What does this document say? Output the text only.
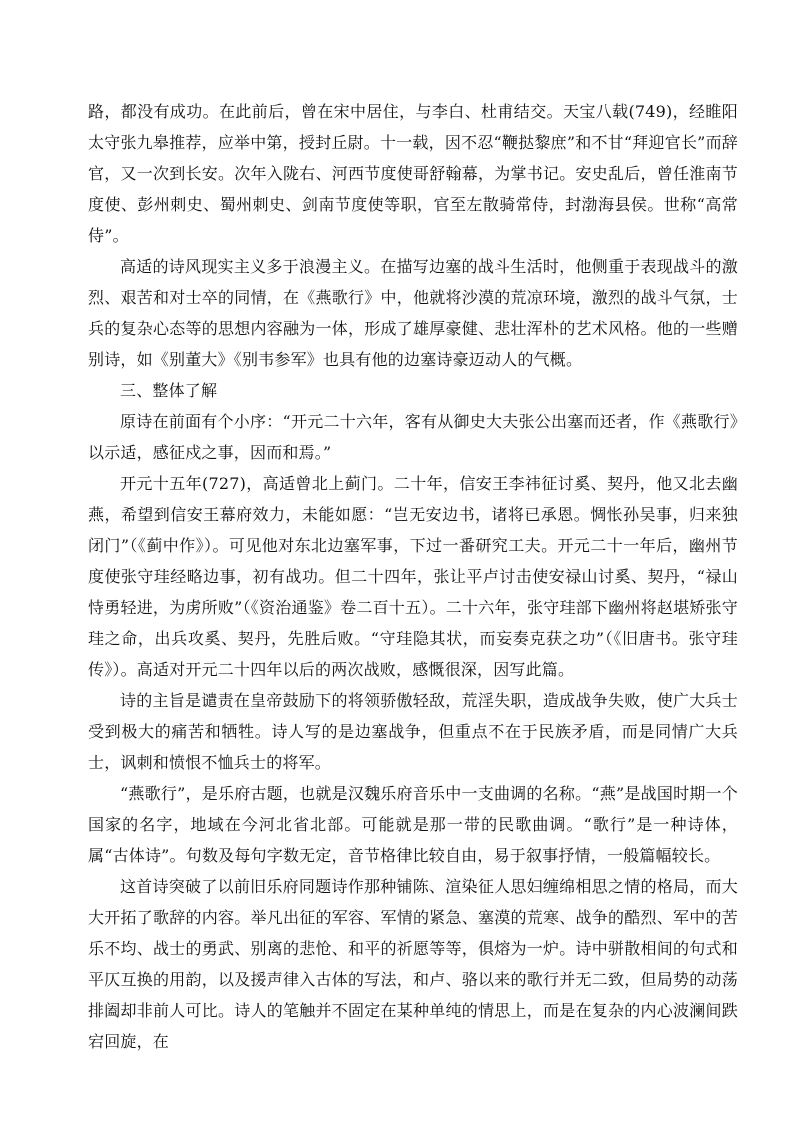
路，都没有成功。在此前后，曾在宋中居住，与李白、杜甫结交。天宝八载(749)，经睢阳太守张九皋推荐，应举中第，授封丘尉。十一载，因不忍“鞭挞黎庶”和不甘“拜迎官长”而辞官，又一次到长安。次年入陇右、河西节度使哥舒翰幕，为掌书记。安史乱后，曾任淮南节度使、彭州刺史、蜀州刺史、剑南节度使等职，官至左散骑常侍，封渤海县侯。世称“高常侍”。

高适的诗风现实主义多于浪漫主义。在描写边塞的战斗生活时，他侧重于表现战斗的激烈、艰苦和对士卒的同情，在《燕歌行》中，他就将沙漠的荒凉环境，激烈的战斗气氛，士兵的复杂心态等的思想内容融为一体，形成了雄厚豪健、悲壮浑朴的艺术风格。他的一些赠别诗，如《别董大》《别韦参军》也具有他的边塞诗豪迈动人的气概。

三、整体了解

原诗在前面有个小序：“开元二十六年，客有从御史大夫张公出塞而还者，作《燕歌行》以示适，感征戍之事，因而和焉。”

开元十五年(727)，高适曾北上蓟门。二十年，信安王李祎征讨奚、契丹，他又北去幽燕，希望到信安王幕府效力，未能如愿：“岂无安边书，诸将已承恩。惆怅孙吴事，归来独闭门”（《蓟中作》）。可见他对东北边塞军事，下过一番研究工夫。开元二十一年后，幽州节度使张守珪经略边事，初有战功。但二十四年，张让平卢讨击使安禄山讨奚、契丹，“禄山恃勇轻进，为虏所败”（《资治通鉴》卷二百十五）。二十六年，张守珪部下幽州将赵堪矫张守珪之命，出兵攻奚、契丹，先胜后败。“守珪隐其状，而妄奏克获之功”（《旧唐书。张守珪传》）。高适对开元二十四年以后的两次战败，感慨很深，因写此篇。

诗的主旨是谴责在皇帝鼓励下的将领骄傲轻敌，荒淫失职，造成战争失败，使广大兵士受到极大的痛苦和牺牲。诗人写的是边塞战争，但重点不在于民族矛盾，而是同情广大兵士，讽刺和愤恨不恤兵士的将军。

“燕歌行”，是乐府古题，也就是汉魏乐府音乐中一支曲调的名称。“燕”是战国时期一个国家的名字，地域在今河北省北部。可能就是那一带的民歌曲调。“歌行”是一种诗体，属“古体诗”。句数及每句字数无定，音节格律比较自由，易于叙事抒情，一般篇幅较长。

这首诗突破了以前旧乐府同题诗作那种铺陈、渲染征人思妇缠绵相思之情的格局，而大大开拓了歌辞的内容。举凡出征的军容、军情的紧急、塞漠的荒寒、战争的酷烈、军中的苦乐不均、战士的勇武、别离的悲怆、和平的祈愿等等，俱熔为一炉。诗中骈散相间的句式和平仄互换的用韵，以及援声律入古体的写法，和卢、骆以来的歌行并无二致，但局势的动荡排阖却非前人可比。诗人的笔触并不固定在某种单纯的情思上，而是在复杂的内心波澜间跌宕回旋，在
